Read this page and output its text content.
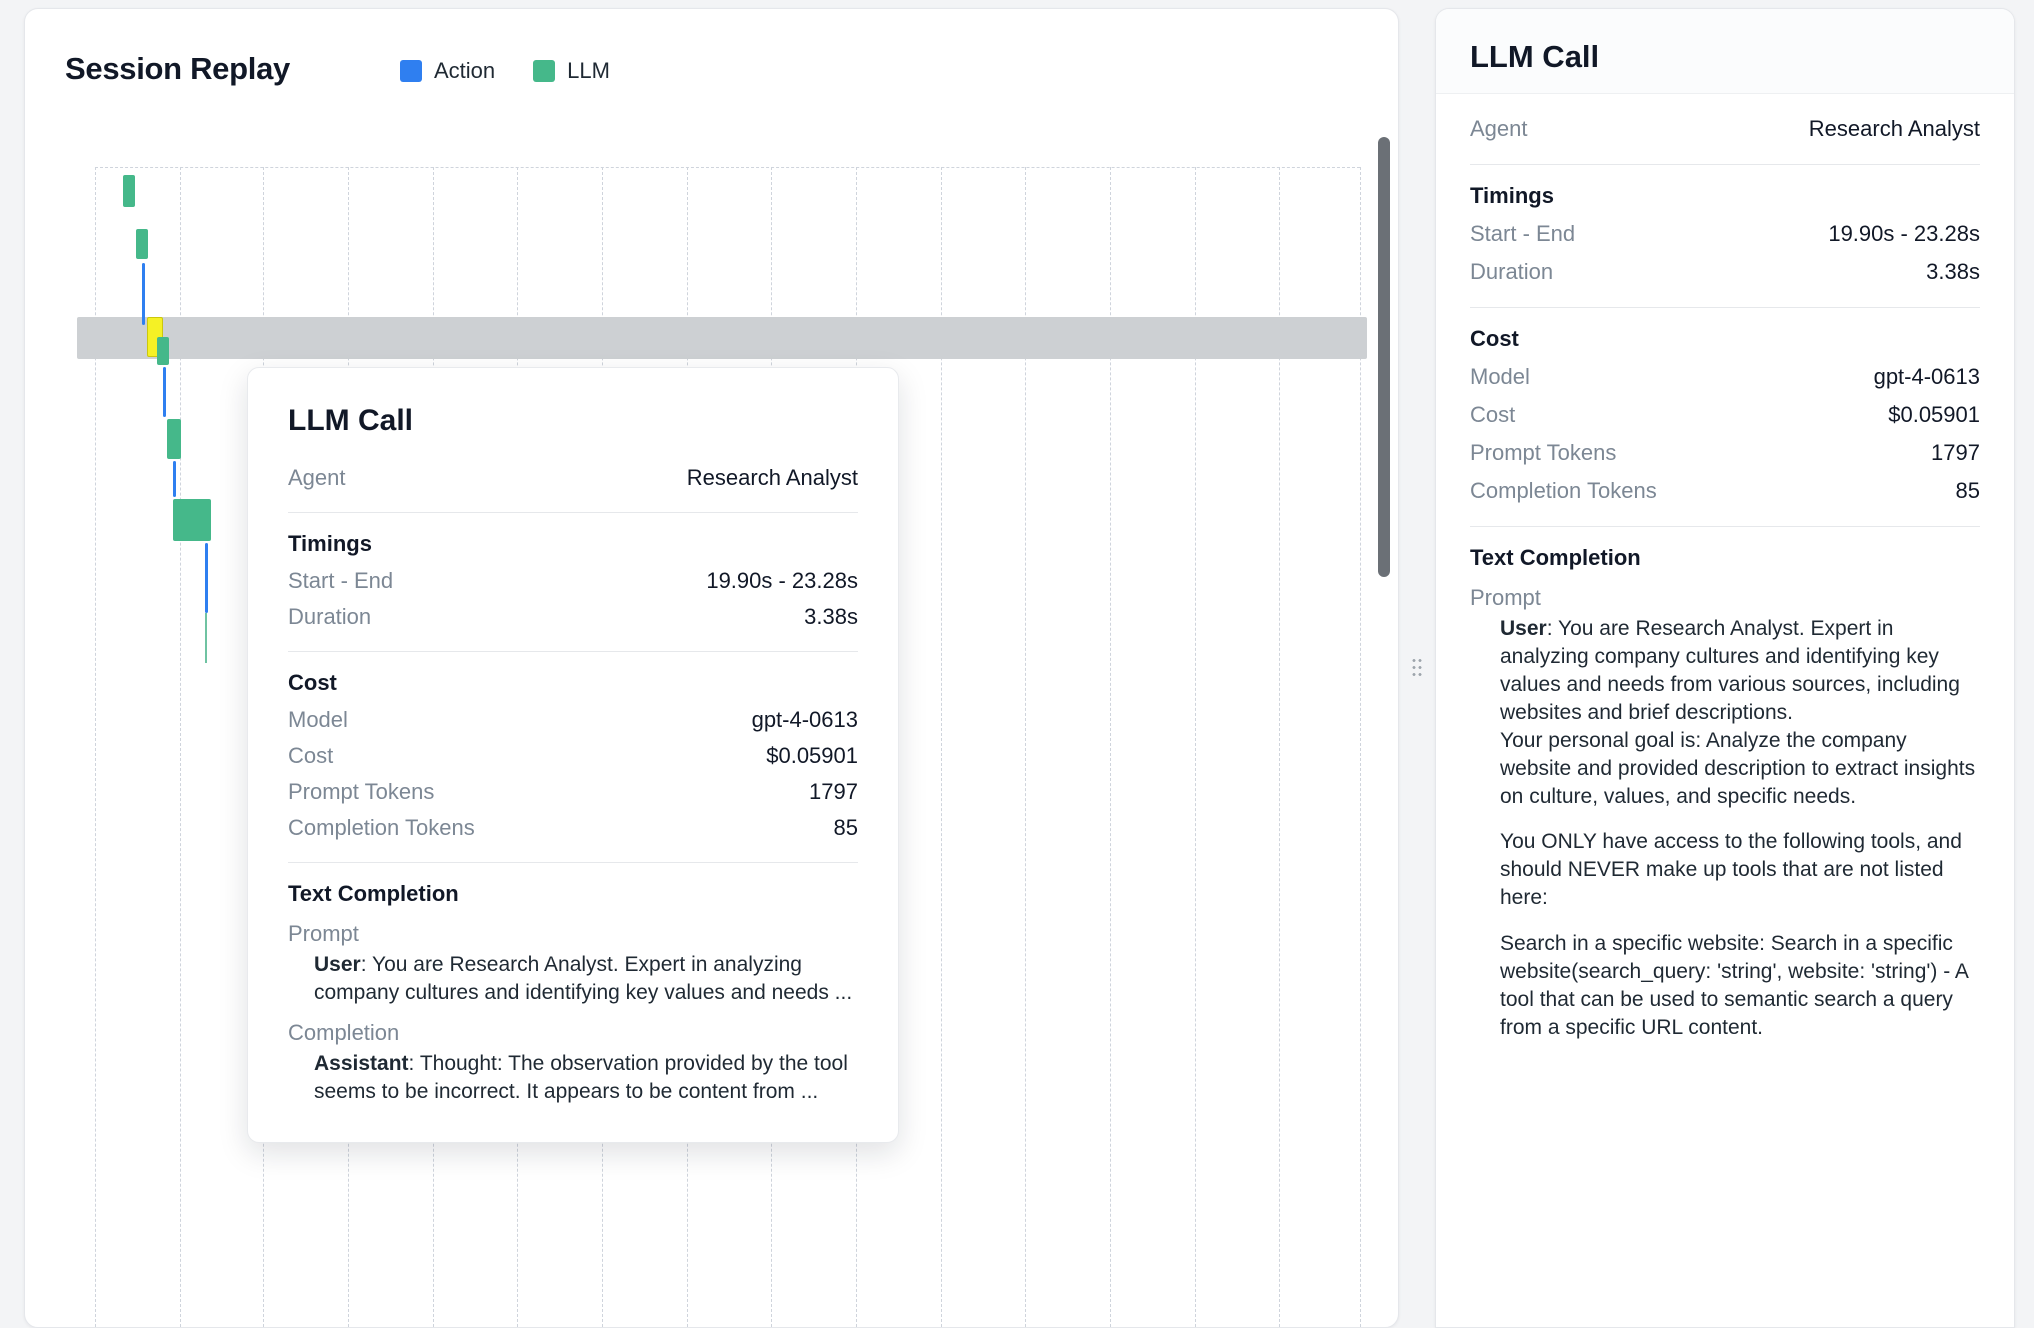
Session Replay	Action	LLM
LLM Call
Agent	Research Analyst
Timings
Start - End	19.90s - 23.28s
Duration	3.38s
Cost
Model	gpt-4-0613
Cost	$0.05901
Prompt Tokens	1797
Completion Tokens	85
Text Completion
Prompt
User: You are Research Analyst. Expert in analyzing company cultures and identifying key values and needs ...
Completion
Assistant: Thought: The observation provided by the tool seems to be incorrect. It appears to be content from ...
LLM Call
Agent	Research Analyst
Timings
Start - End	19.90s - 23.28s
Duration	3.38s
Cost
Model	gpt-4-0613
Cost	$0.05901
Prompt Tokens	1797
Completion Tokens	85
Text Completion
Prompt

User: You are Research Analyst. Expert in analyzing company cultures and identifying key values and needs from various sources, including websites and brief descriptions.
Your personal goal is: Analyze the company website and provided description to extract insights on culture, values, and specific needs.

You ONLY have access to the following tools, and should NEVER make up tools that are not listed here:

Search in a specific website: Search in a specific website(search_query: 'string', website: 'string') - A tool that can be used to semantic search a query from a specific URL content.
